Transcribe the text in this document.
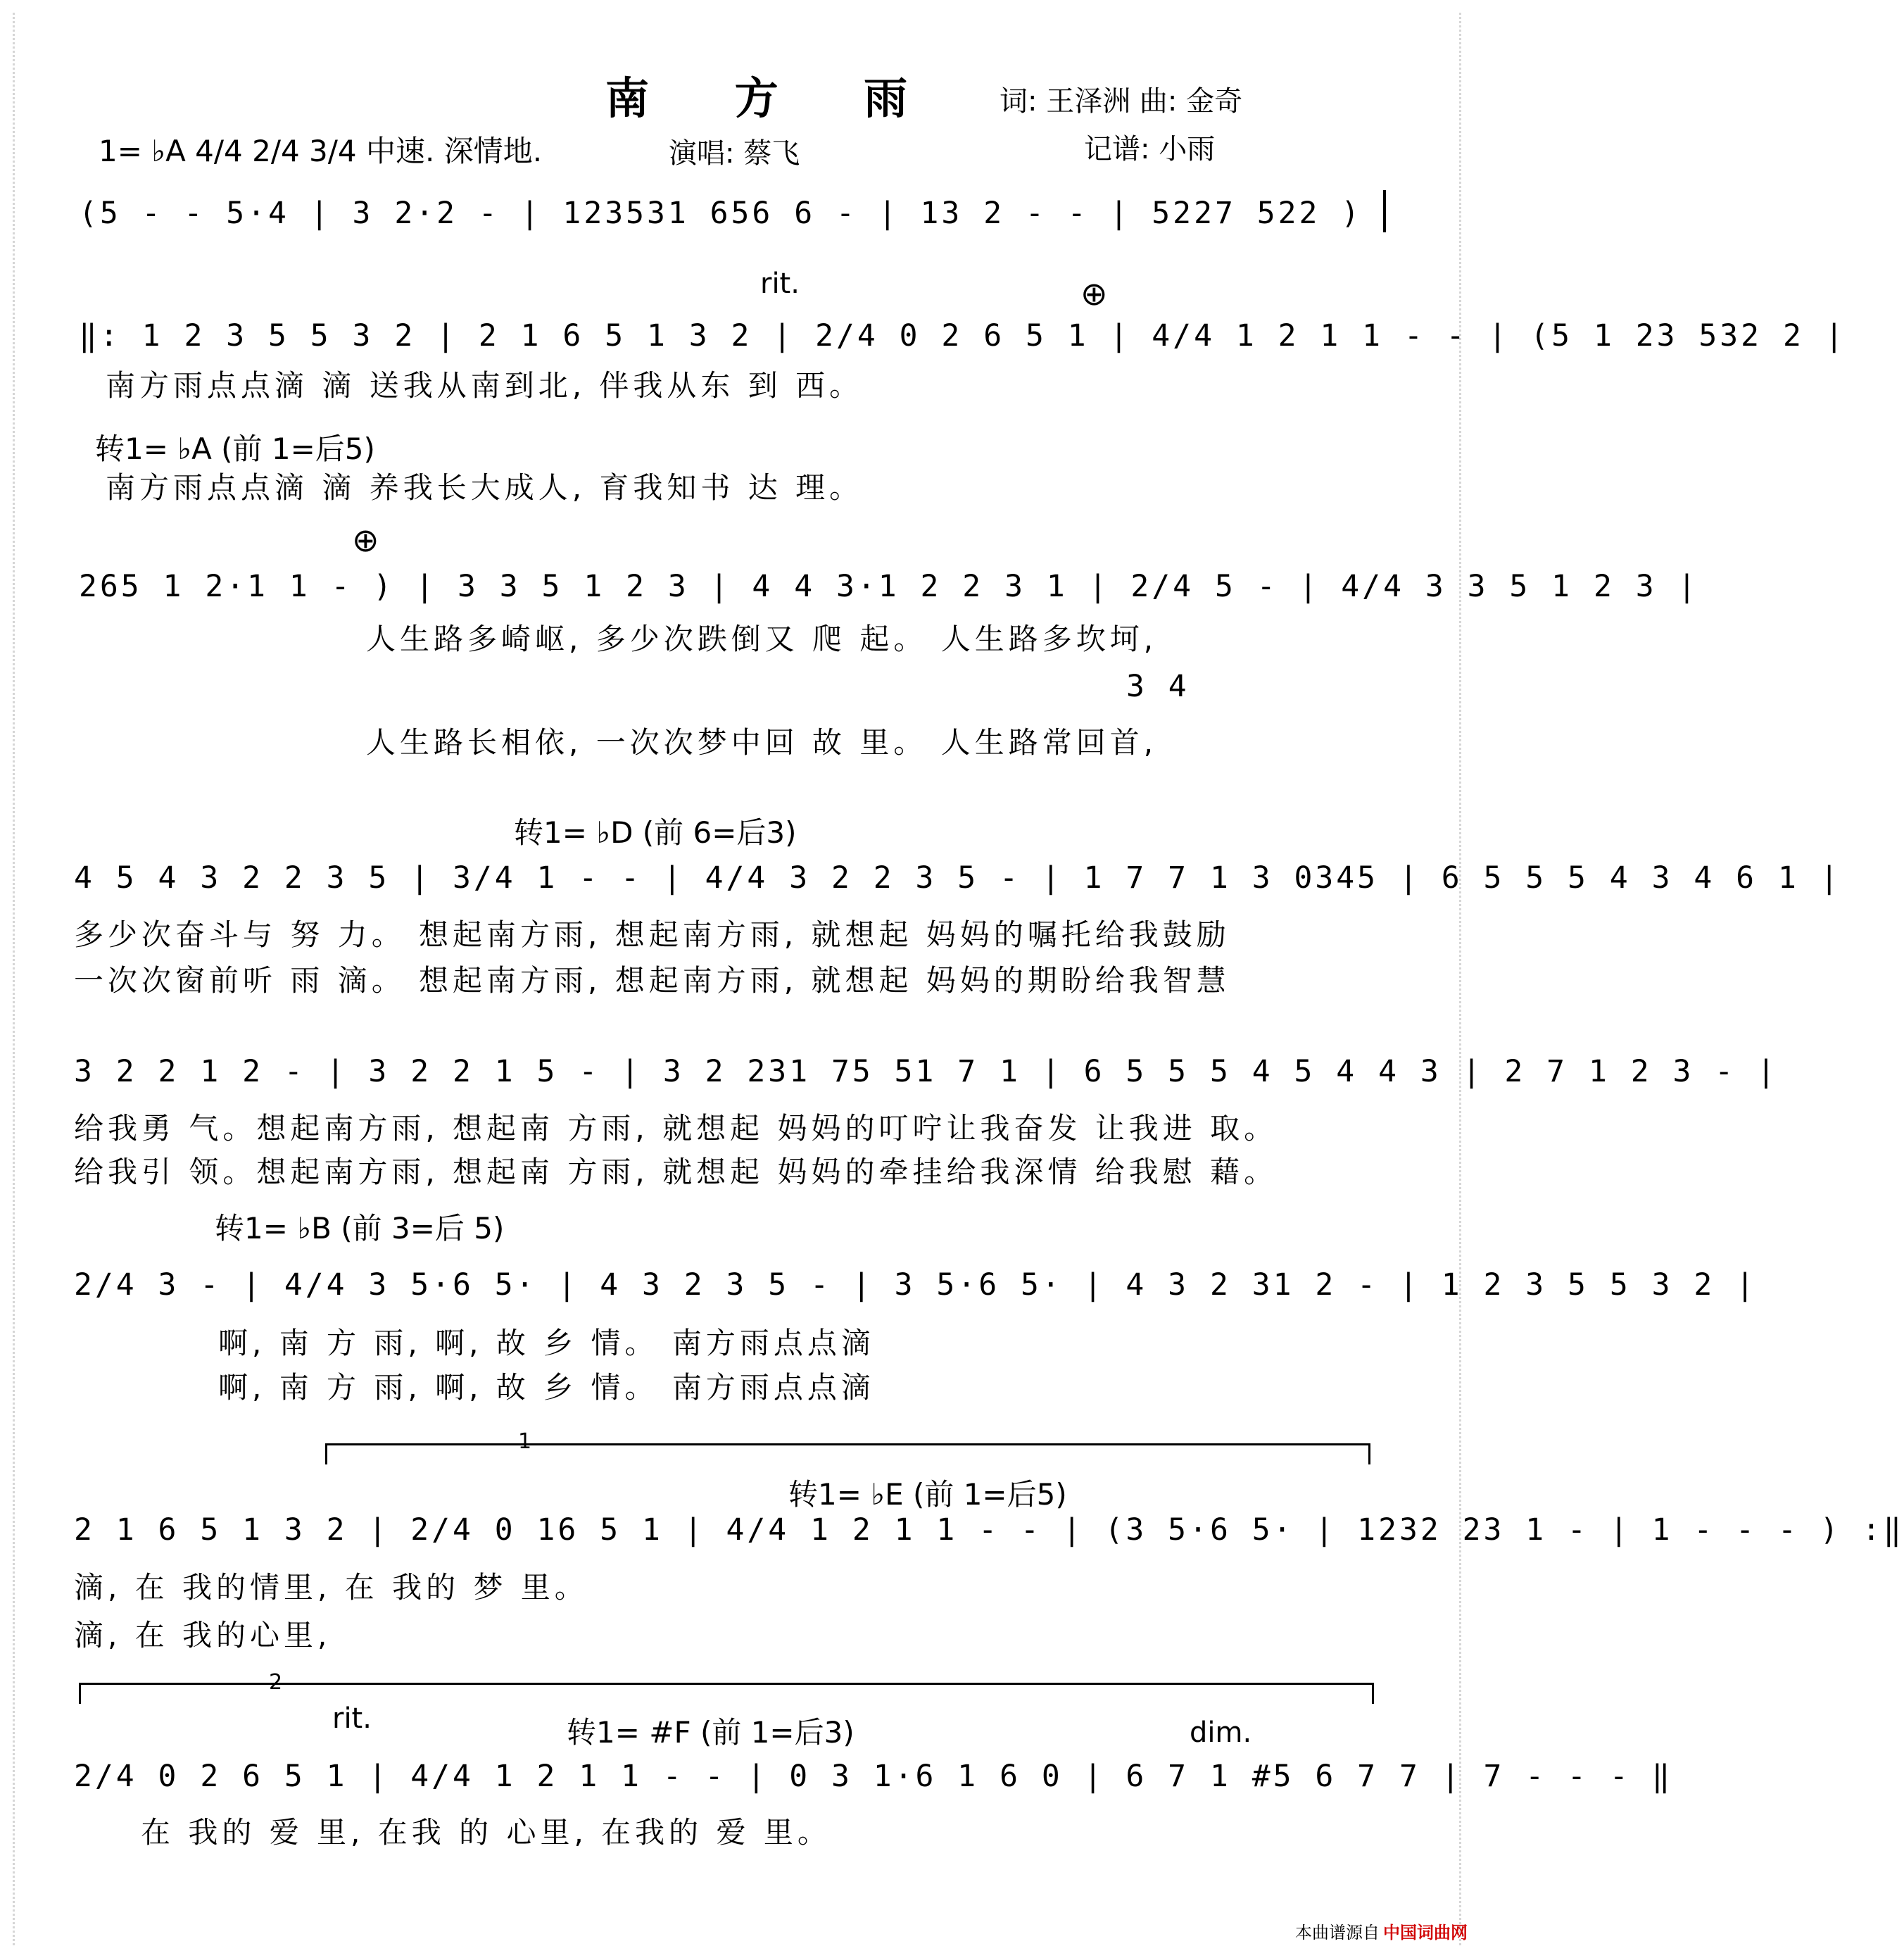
南 方 雨 词: 王泽洲 曲: 金奇
1= ♭A 4/4 2/4 3/4 中速. 深情地.	演唱: 蔡飞	记谱: 小雨
(5 - - 5·4 | 3 2·2 - | 123531 656 6 - | 13 2 - - | 5227 522 )
rit.	⊕
‖: 1 2 3 5 5 3 2 | 2 1 6 5 1 3 2 | 2/4 0 2 6 5 1 | 4/4 1 2 1 1 - - | (5 1 23 532 2 |
南方雨点点滴 滴 送我从南到北, 伴我从东 到 西。
转1= ♭A (前 1=后5)
南方雨点点滴 滴 养我长大成人, 育我知书 达 理。
⊕
265 1 2·1 1 - ) | 3 3 5 1 2 3 | 4 4 3·1 2 2 3 1 | 2/4 5 - | 4/4 3 3 5 1 2 3 |
人生路多崎岖, 多少次跌倒又 爬 起。 人生路多坎坷,
3 4
人生路长相依, 一次次梦中回 故 里。 人生路常回首,
转1= ♭D (前 6=后3)
4 5 4 3 2 2 3 5 | 3/4 1 - - | 4/4 3 2 2 3 5 - | 1 7 7 1 3 0345 | 6 5 5 5 4 3 4 6 1 |
多少次奋斗与 努 力。 想起南方雨, 想起南方雨, 就想起 妈妈的嘱托给我鼓励
一次次窗前听 雨 滴。 想起南方雨, 想起南方雨, 就想起 妈妈的期盼给我智慧
3 2 2 1 2 - | 3 2 2 1 5 - | 3 2 231 75 51 7 1 | 6 5 5 5 4 5 4 4 3 | 2 7 1 2 3 - |
给我勇 气。想起南方雨, 想起南 方雨, 就想起 妈妈的叮咛让我奋发 让我进 取。
给我引 领。想起南方雨, 想起南 方雨, 就想起 妈妈的牵挂给我深情 给我慰 藉。
转1= ♭B (前 3=后 5)
2/4 3 - | 4/4 3 5·6 5· | 4 3 2 3 5 - | 3 5·6 5· | 4 3 2 31 2 - | 1 2 3 5 5 3 2 |
啊, 南 方 雨, 啊, 故 乡 情。 南方雨点点滴
啊, 南 方 雨, 啊, 故 乡 情。 南方雨点点滴
1
转1= ♭E (前 1=后5)
2 1 6 5 1 3 2 | 2/4 0 16 5 1 | 4/4 1 2 1 1 - - | (3 5·6 5· | 1232 23 1 - | 1 - - - ) :‖
滴, 在 我的情里, 在 我的 梦 里。
滴, 在 我的心里,
2
rit.	转1= #F (前 1=后3)	dim.
2/4 0 2 6 5 1 | 4/4 1 2 1 1 - - | 0 3 1·6 1 6 0 | 6 7 1 #5 6 7 7 | 7 - - - ‖
在 我的 爱 里, 在我 的 心里, 在我的 爱 里。
本曲谱源自 中国词曲网
